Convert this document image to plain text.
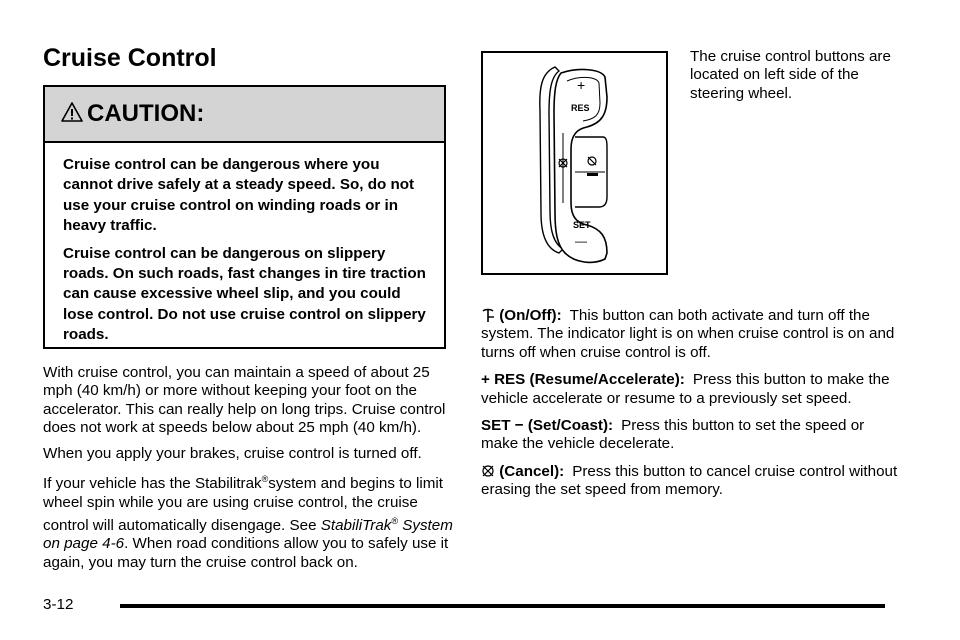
Cruise Control
CAUTION:

Cruise control can be dangerous where you cannot drive safely at a steady speed. So, do not use your cruise control on winding roads or in heavy traffic.

Cruise control can be dangerous on slippery roads. On such roads, fast changes in tire traction can cause excessive wheel slip, and you could lose control. Do not use cruise control on slippery roads.

With cruise control, you can maintain a speed of about 25 mph (40 km/h) or more without keeping your foot on the accelerator. This can really help on long trips. Cruise control does not work at speeds below about 25 mph (40 km/h).

When you apply your brakes, cruise control is turned off.

If your vehicle has the Stabilitrak®system and begins to limit wheel spin while you are using cruise control, the cruise control will automatically disengage. See StabiliTrak® System on page 4-6. When road conditions allow you to safely use it again, you may turn the cruise control back on.

+
RES
SET
—
The cruise control buttons are located on left side of the steering wheel.

(On/Off): This button can both activate and turn off the system. The indicator light is on when cruise control is on and turns off when cruise control is off.

+ RES (Resume/Accelerate): Press this button to make the vehicle accelerate or resume to a previously set speed.

SET − (Set/Coast): Press this button to set the speed or make the vehicle decelerate.

(Cancel): Press this button to cancel cruise control without erasing the set speed from memory.

3-12
